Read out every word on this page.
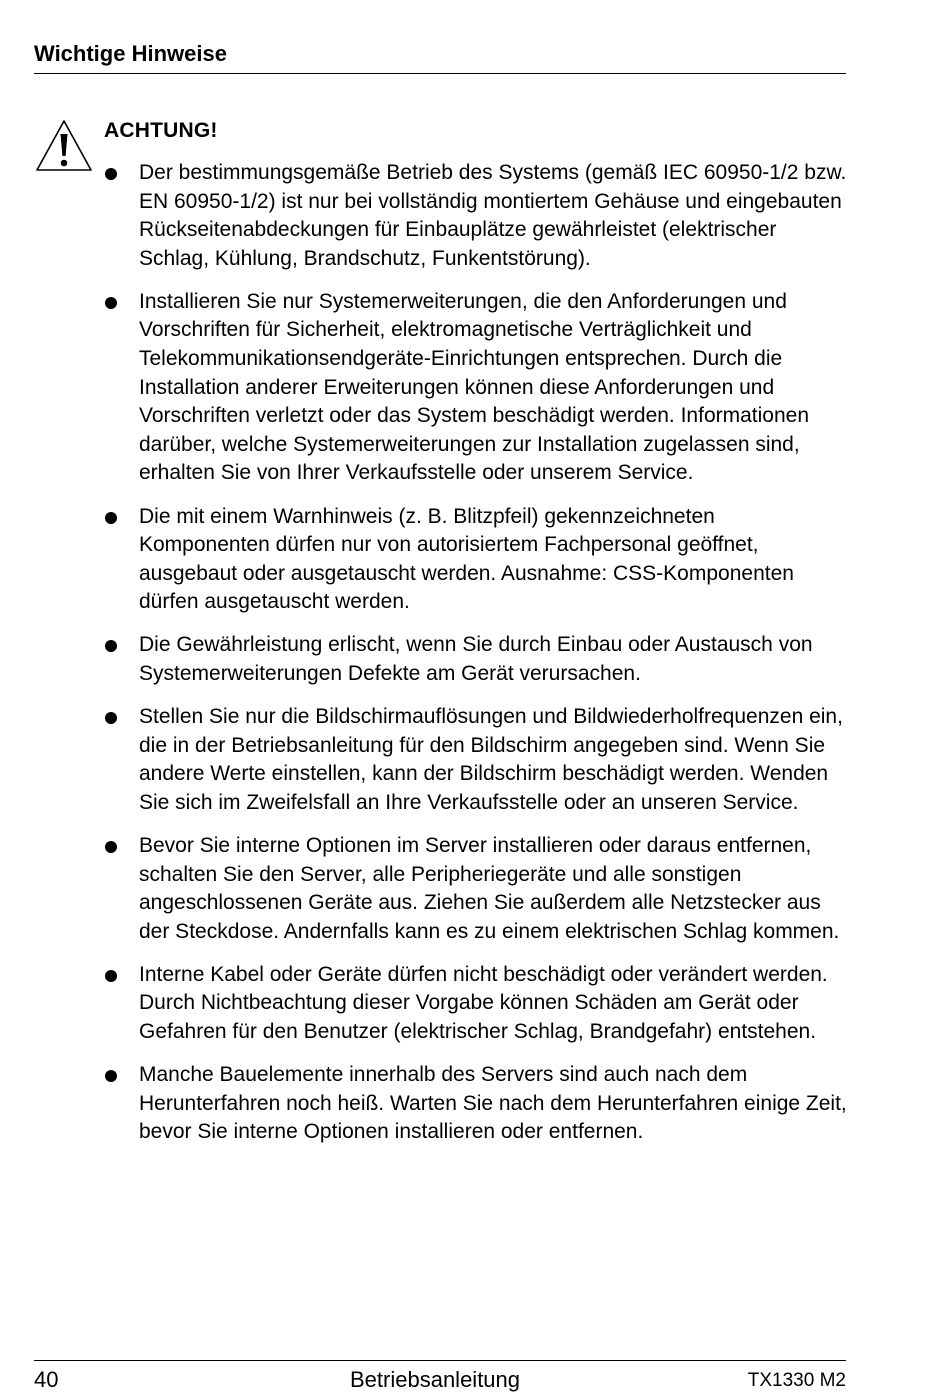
Wichtige Hinweise
ACHTUNG!
Der bestimmungsgemäße Betrieb des Systems (gemäß IEC 60950-1/2 bzw. EN 60950-1/2) ist nur bei vollständig montiertem Gehäuse und eingebauten Rückseitenabdeckungen für Einbauplätze gewährleistet (elektrischer Schlag, Kühlung, Brandschutz, Funkentstörung).
Installieren Sie nur Systemerweiterungen, die den Anforderungen und Vorschriften für Sicherheit, elektromagnetische Verträglichkeit und Telekommunikationsendgeräte-Einrichtungen entsprechen. Durch die Installation anderer Erweiterungen können diese Anforderungen und Vorschriften verletzt oder das System beschädigt werden. Informationen darüber, welche Systemerweiterungen zur Installation zugelassen sind, erhalten Sie von Ihrer Verkaufsstelle oder unserem Service.
Die mit einem Warnhinweis (z. B. Blitzpfeil) gekennzeichneten Komponenten dürfen nur von autorisiertem Fachpersonal geöffnet, ausgebaut oder ausgetauscht werden. Ausnahme: CSS-Komponenten dürfen ausgetauscht werden.
Die Gewährleistung erlischt, wenn Sie durch Einbau oder Austausch von Systemerweiterungen Defekte am Gerät verursachen.
Stellen Sie nur die Bildschirmauflösungen und Bildwiederholfrequenzen ein, die in der Betriebsanleitung für den Bildschirm angegeben sind. Wenn Sie andere Werte einstellen, kann der Bildschirm beschädigt werden. Wenden Sie sich im Zweifelsfall an Ihre Verkaufsstelle oder an unseren Service.
Bevor Sie interne Optionen im Server installieren oder daraus entfernen, schalten Sie den Server, alle Peripheriegeräte und alle sonstigen angeschlossenen Geräte aus. Ziehen Sie außerdem alle Netzstecker aus der Steckdose. Andernfalls kann es zu einem elektrischen Schlag kommen.
Interne Kabel oder Geräte dürfen nicht beschädigt oder verändert werden. Durch Nichtbeachtung dieser Vorgabe können Schäden am Gerät oder Gefahren für den Benutzer (elektrischer Schlag, Brandgefahr) entstehen.
Manche Bauelemente innerhalb des Servers sind auch nach dem Herunterfahren noch heiß. Warten Sie nach dem Herunterfahren einige Zeit, bevor Sie interne Optionen installieren oder entfernen.
40	Betriebsanleitung	TX1330 M2
